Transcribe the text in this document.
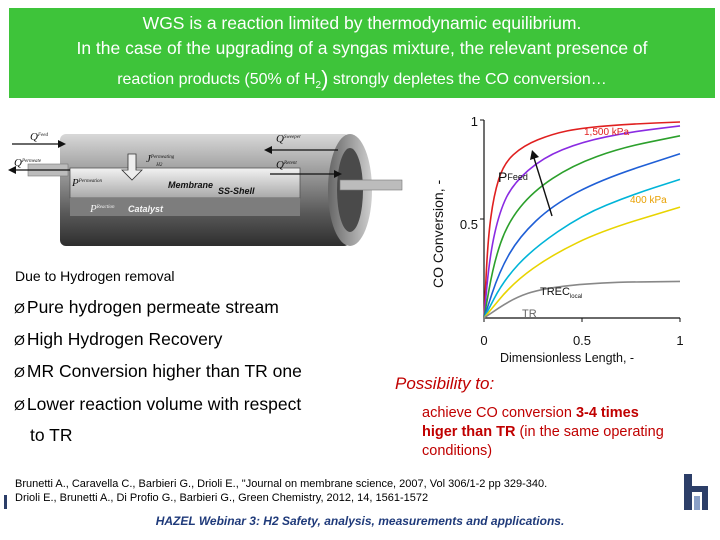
WGS is a reaction limited by thermodynamic equilibrium.
In the case of the upgrading of a syngas mixture, the relevant presence of
reaction products (50% of $H_2$) strongly depletes the CO conversion…
$Q^{Feed}$
$Q^{Permeate}$
$P^{Permeation}$
$P^{Reaction}$
$J^{Permeating}$ H2
$Q^{Sweeper}$
$Q^{Retent}$
Membrane
Catalyst
SS-Shell
Due to Hydrogen removal
Ø Pure hydrogen permeate stream
Ø High Hydrogen Recovery
Ø MR Conversion higher than TR one
Ø Lower reaction volume with respect
to TR
0	0.5	1
0.5
1
Dimensionless Length, -
CO Conversion, -
1,500 kPa
400 kPa
PFeed
$TREC_{local}$
TR
Possibility to:
achieve CO conversion 3-4 times
higer than TR (in the same operating conditions)
Brunetti A., Caravella C., Barbieri G., Drioli E., "Journal on membrane science, 2007, Vol 306/1-2 pp 329-340.
Drioli E., Brunetti A., Di Profio G., Barbieri G., Green Chemistry, 2012, 14, 1561-1572
HAZEL Webinar 3: H2 Safety, analysis, measurements and applications.
